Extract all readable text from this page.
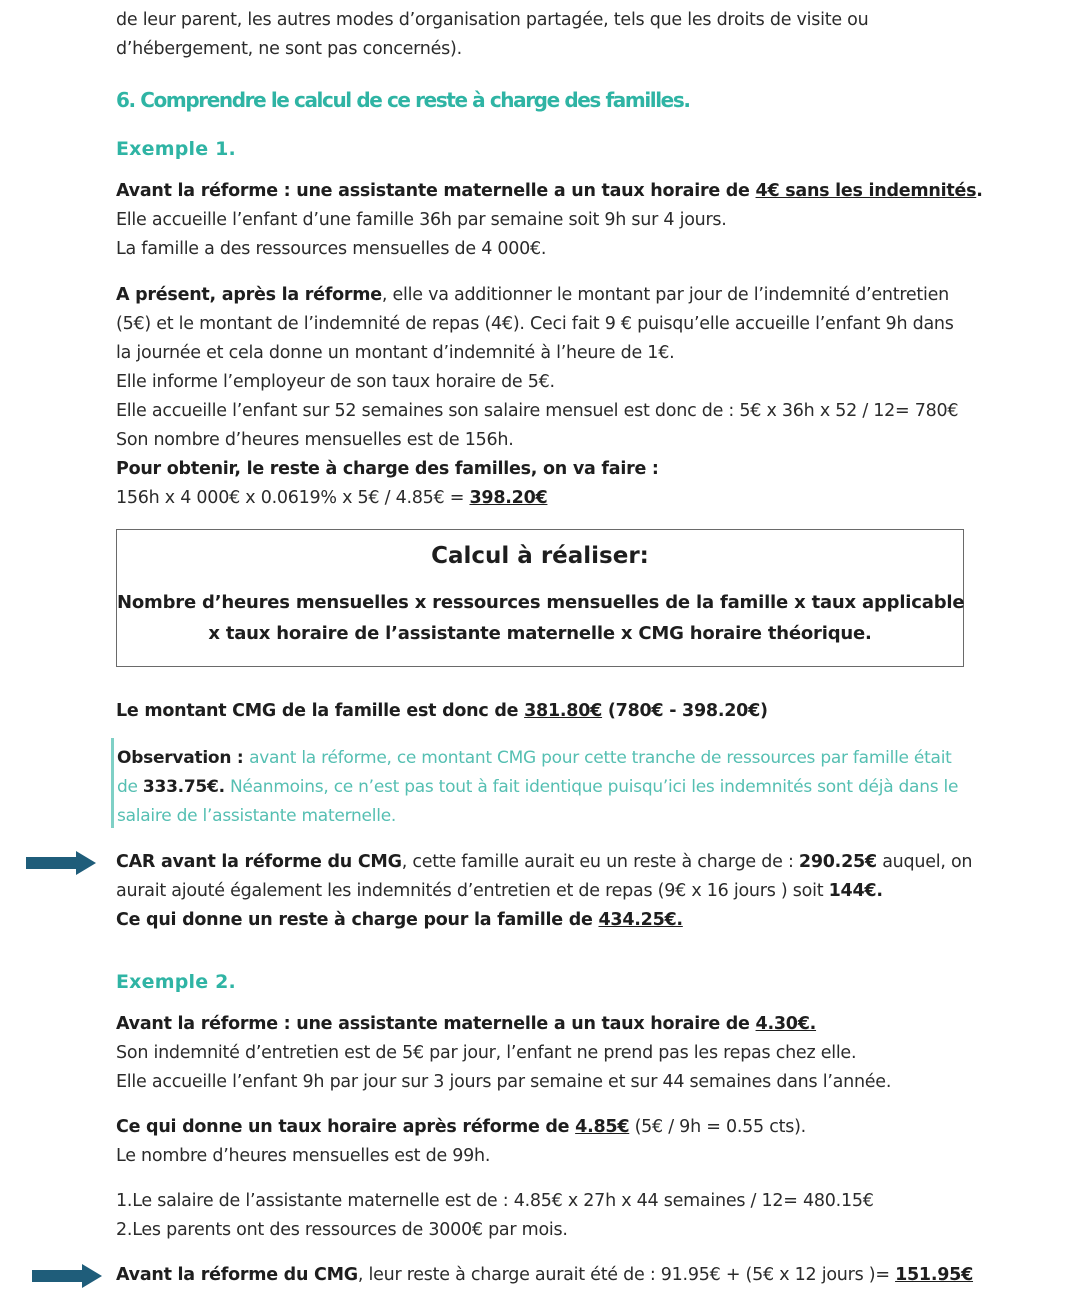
de leur parent, les autres modes d’organisation partagée, tels que les droits de visite ou
d’hébergement, ne sont pas concernés).
6. Comprendre le calcul de ce reste à charge des familles.
Exemple 1.
Avant la réforme : une assistante maternelle a un taux horaire de 4€ sans les indemnités.
Elle accueille l’enfant d’une famille 36h par semaine soit 9h sur 4 jours.
La famille a des ressources mensuelles de 4 000€.
A présent, après la réforme, elle va additionner le montant par jour de l’indemnité d’entretien
(5€) et le montant de l’indemnité de repas (4€). Ceci fait 9 € puisqu’elle accueille l’enfant 9h dans
la journée et cela donne un montant d’indemnité à l’heure de 1€.
Elle informe l’employeur de son taux horaire de 5€.
Elle accueille l’enfant sur 52 semaines son salaire mensuel est donc de : 5€ x 36h x 52 / 12= 780€
Son nombre d’heures mensuelles est de 156h.
Pour obtenir, le reste à charge des familles, on va faire :
156h x 4 000€ x 0.0619% x 5€ / 4.85€ = 398.20€
Calcul à réaliser:
Nombre d’heures mensuelles x ressources mensuelles de la famille x taux applicable
x taux horaire de l’assistante maternelle x CMG horaire théorique.
Le montant CMG de la famille est donc de 381.80€ (780€ - 398.20€)
Observation : avant la réforme, ce montant CMG pour cette tranche de ressources par famille était
de 333.75€. Néanmoins, ce n’est pas tout à fait identique puisqu’ici les indemnités sont déjà dans le
salaire de l’assistante maternelle.
CAR avant la réforme du CMG, cette famille aurait eu un reste à charge de : 290.25€ auquel, on
aurait ajouté également les indemnités d’entretien et de repas (9€ x 16 jours ) soit 144€.
Ce qui donne un reste à charge pour la famille de 434.25€.
Exemple 2.
Avant la réforme : une assistante maternelle a un taux horaire de 4.30€.
Son indemnité d’entretien est de 5€ par jour, l’enfant ne prend pas les repas chez elle.
Elle accueille l’enfant 9h par jour sur 3 jours par semaine et sur 44 semaines dans l’année.
Ce qui donne un taux horaire après réforme de 4.85€ (5€ / 9h = 0.55 cts).
Le nombre d’heures mensuelles est de 99h.
1.Le salaire de l’assistante maternelle est de : 4.85€ x 27h x 44 semaines / 12= 480.15€
2.Les parents ont des ressources de 3000€ par mois.
Avant la réforme du CMG, leur reste à charge aurait été de : 91.95€ + (5€ x 12 jours )= 151.95€
